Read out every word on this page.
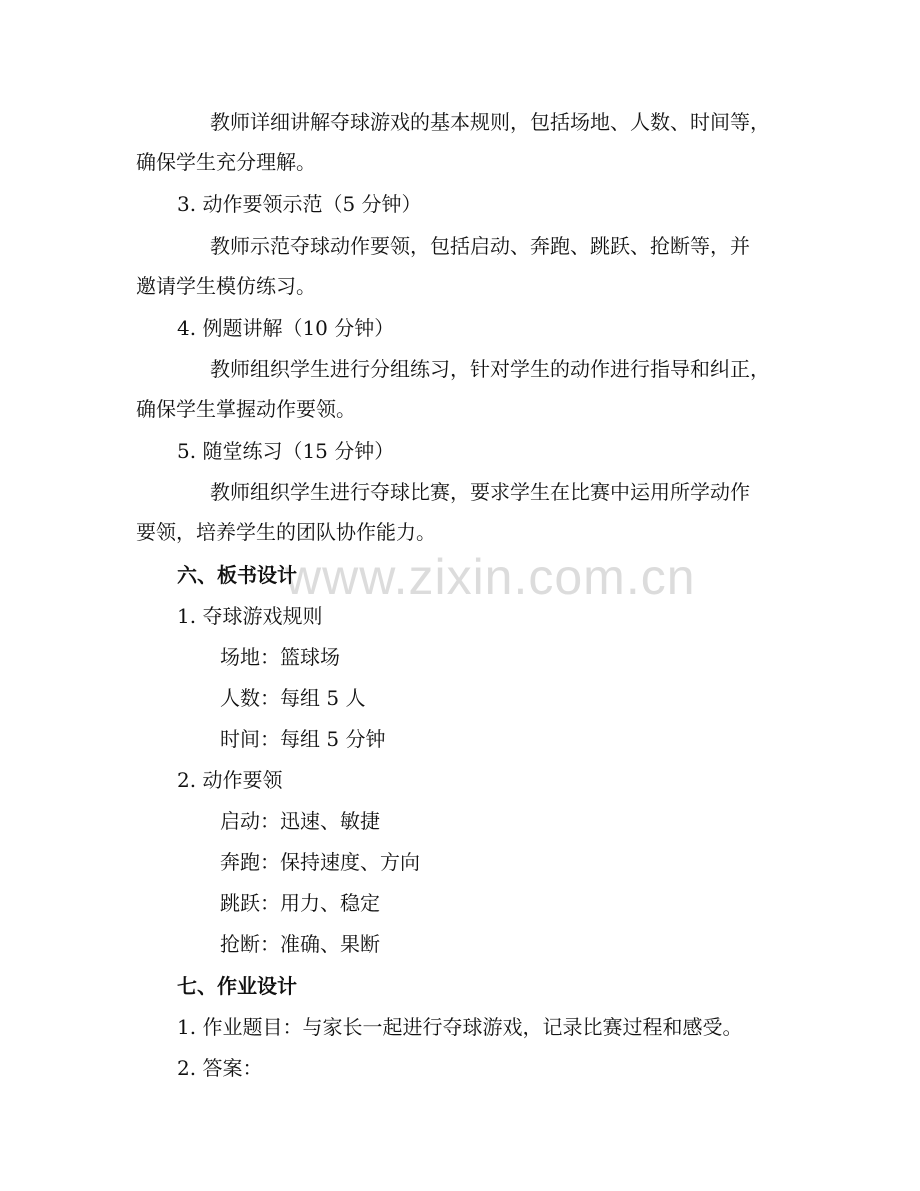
www.zixin.com.cn
教师详细讲解夺球游戏的基本规则，包括场地、人数、时间等，
确保学生充分理解。
3. 动作要领示范（5 分钟）
教师示范夺球动作要领，包括启动、奔跑、跳跃、抢断等，并
邀请学生模仿练习。
4. 例题讲解（10 分钟）
教师组织学生进行分组练习，针对学生的动作进行指导和纠正，
确保学生掌握动作要领。
5. 随堂练习（15 分钟）
教师组织学生进行夺球比赛，要求学生在比赛中运用所学动作
要领，培养学生的团队协作能力。
六、板书设计
1. 夺球游戏规则
场地：篮球场
人数：每组 5 人
时间：每组 5 分钟
2. 动作要领
启动：迅速、敏捷
奔跑：保持速度、方向
跳跃：用力、稳定
抢断：准确、果断
七、作业设计
1. 作业题目：与家长一起进行夺球游戏，记录比赛过程和感受。
2. 答案：
